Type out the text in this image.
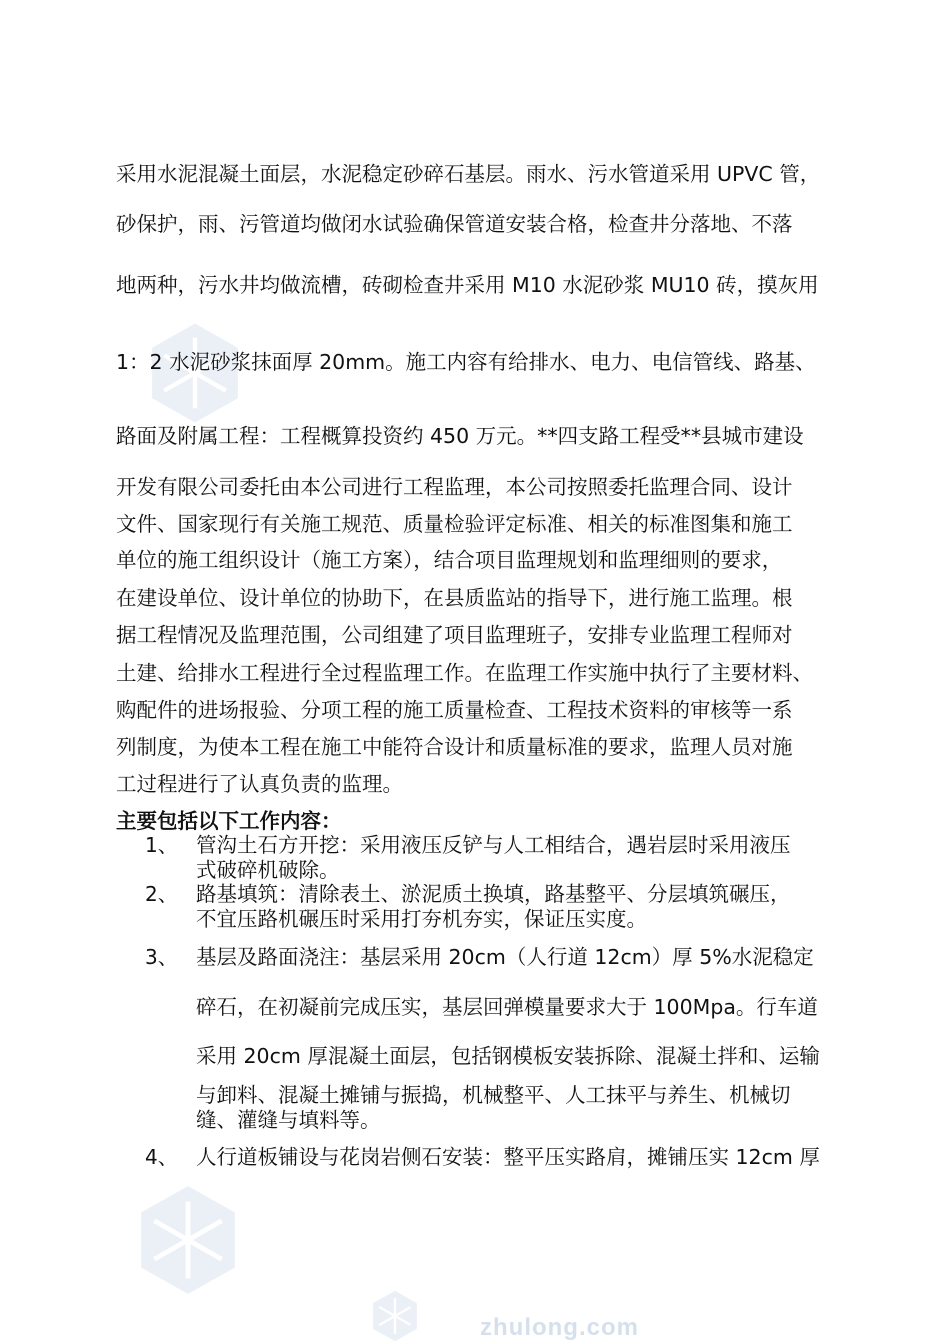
zhulong.com
采用水泥混凝土面层，水泥稳定砂碎石基层。雨水、污水管道采用 UPVC 管，
砂保护，雨、污管道均做闭水试验确保管道安装合格，检查井分落地、不落
地两种，污水井均做流槽，砖砌检查井采用 M10 水泥砂浆 MU10 砖，摸灰用
1：2 水泥砂浆抹面厚 20mm。施工内容有给排水、电力、电信管线、路基、
路面及附属工程：工程概算投资约 450 万元。**四支路工程受**县城市建设
开发有限公司委托由本公司进行工程监理，本公司按照委托监理合同、设计
文件、国家现行有关施工规范、质量检验评定标准、相关的标准图集和施工
单位的施工组织设计（施工方案），结合项目监理规划和监理细则的要求，
在建设单位、设计单位的协助下，在县质监站的指导下，进行施工监理。根
据工程情况及监理范围，公司组建了项目监理班子，安排专业监理工程师对
土建、给排水工程进行全过程监理工作。在监理工作实施中执行了主要材料、
购配件的进场报验、分项工程的施工质量检查、工程技术资料的审核等一系
列制度，为使本工程在施工中能符合设计和质量标准的要求，监理人员对施
工过程进行了认真负责的监理。
主要包括以下工作内容：
1、 管沟土石方开挖：采用液压反铲与人工相结合，遇岩层时采用液压
式破碎机破除。
2、 路基填筑：清除表土、淤泥质土换填，路基整平、分层填筑碾压，
不宜压路机碾压时采用打夯机夯实，保证压实度。
3、 基层及路面浇注：基层采用 20cm（人行道 12cm）厚 5%水泥稳定
碎石，在初凝前完成压实，基层回弹模量要求大于 100Mpa。行车道
采用 20cm 厚混凝土面层，包括钢模板安装拆除、混凝土拌和、运输
与卸料、混凝土摊铺与振捣，机械整平、人工抹平与养生、机械切
缝、灌缝与填料等。
4、 人行道板铺设与花岗岩侧石安装：整平压实路肩，摊铺压实 12cm 厚
